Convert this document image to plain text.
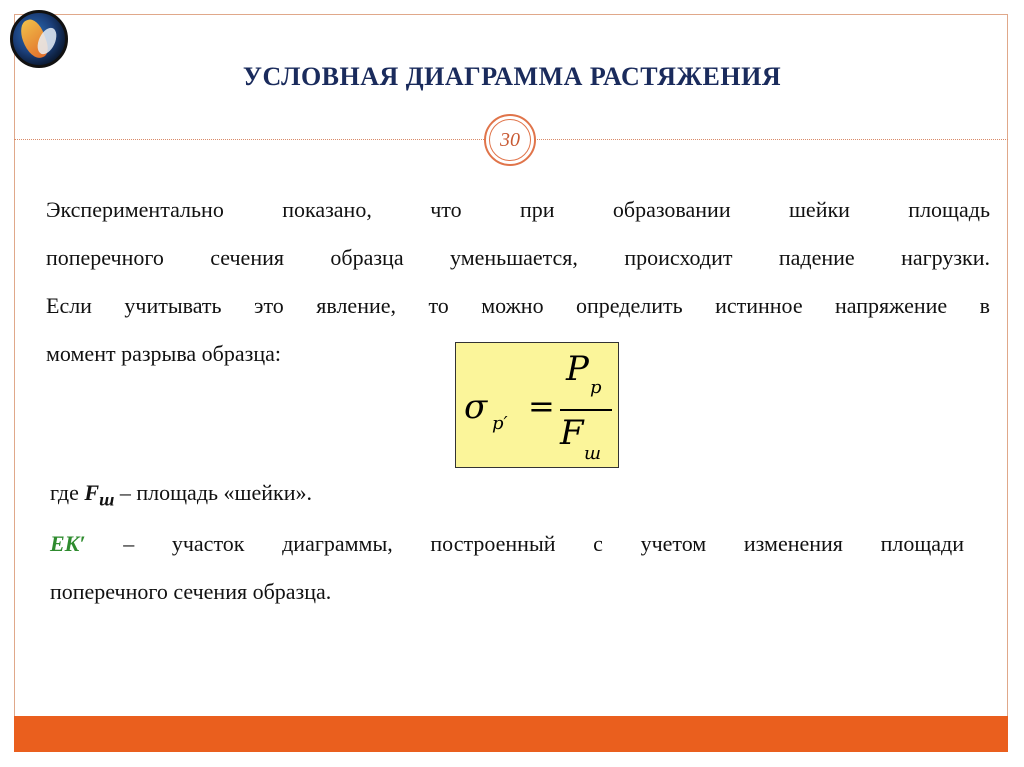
УСЛОВНАЯ ДИАГРАММА РАСТЯЖЕНИЯ
30
Экспериментально показано, что при образовании шейки площадь
поперечного сечения образца уменьшается, происходит падение нагрузки.
Если учитывать это явление, то можно определить истинное напряжение в
момент разрыва образца:
σ p′ =
P p
F
ш
где $F_ш$ – площадь «шейки».
EK′ – участок диаграммы, построенный с учетом изменения площади
поперечного сечения образца.
